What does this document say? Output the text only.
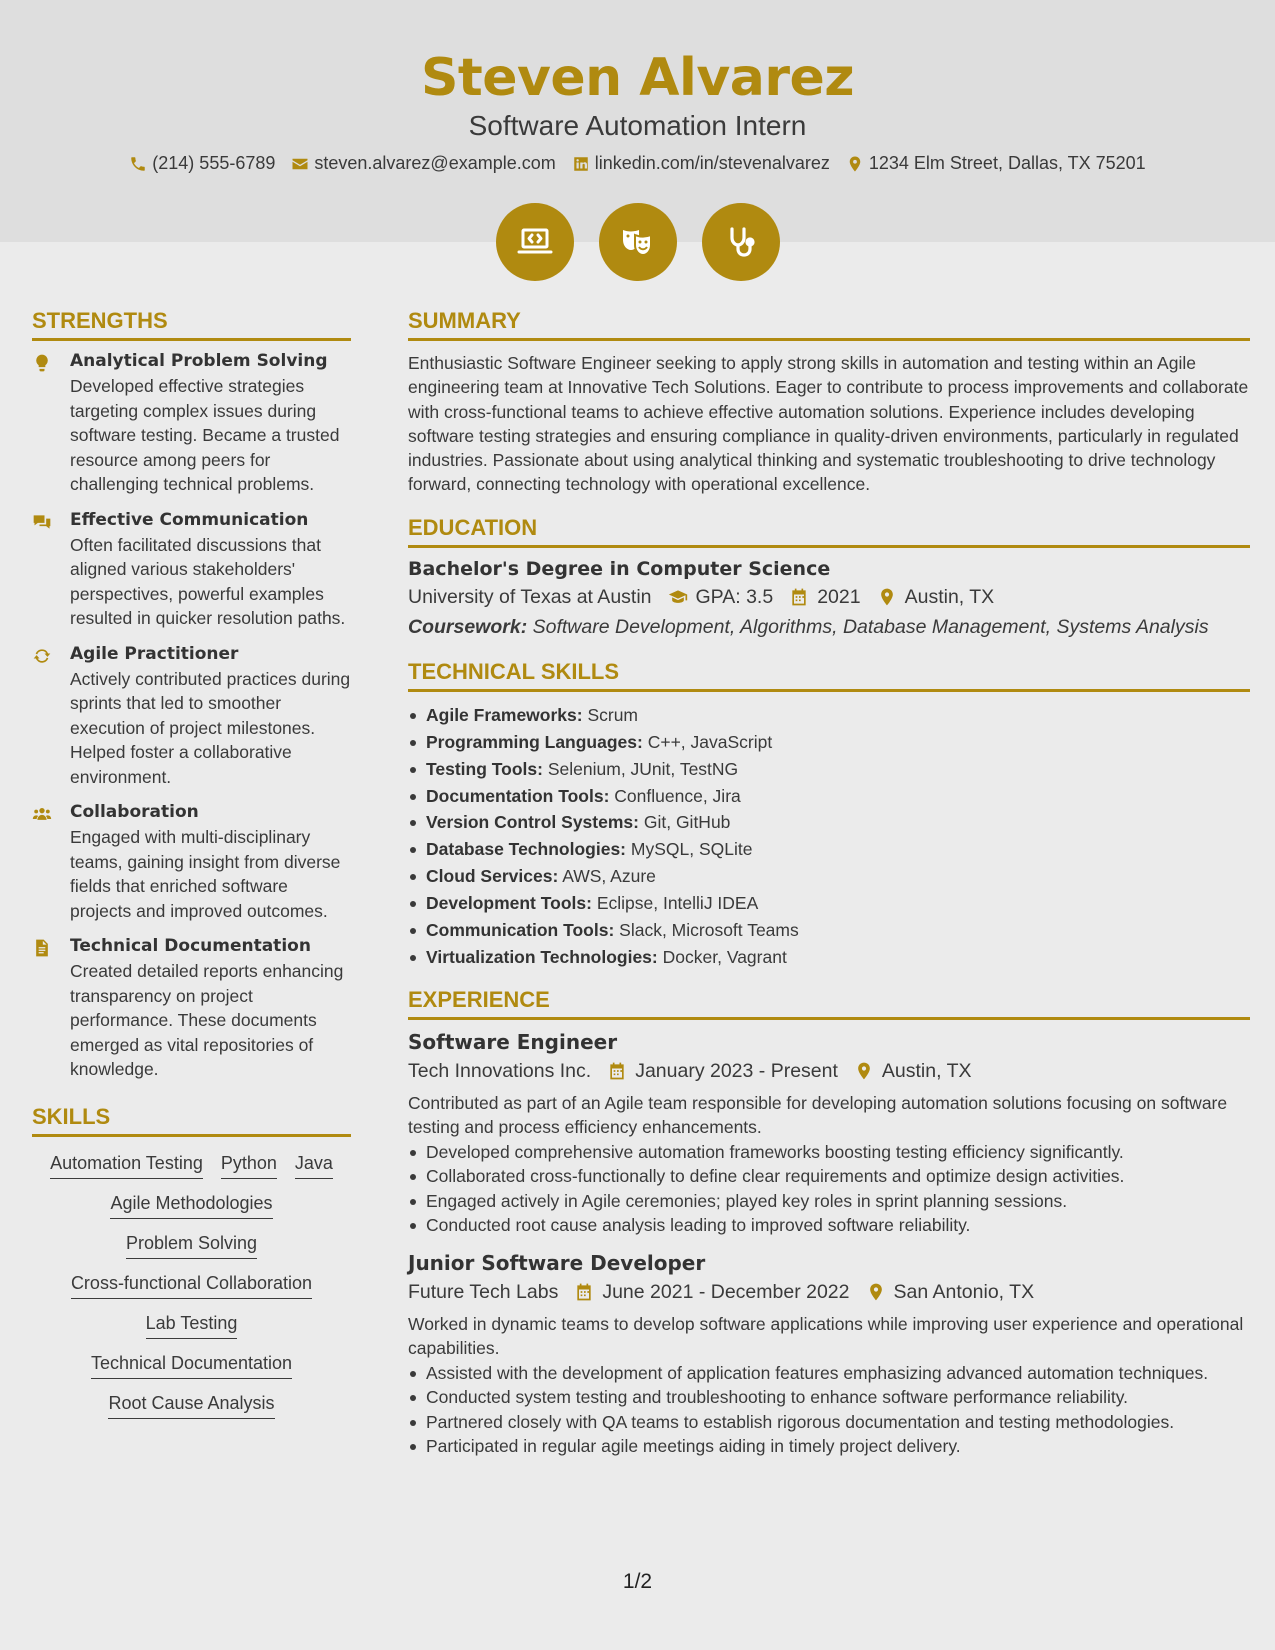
Steven Alvarez
Software Automation Intern
(214) 555-6789 steven.alvarez@example.com linkedin.com/in/stevenalvarez 1234 Elm Street, Dallas, TX 75201
STRENGTHS
Analytical Problem Solving
Developed effective strategies targeting complex issues during software testing. Became a trusted resource among peers for challenging technical problems.
Effective Communication
Often facilitated discussions that aligned various stakeholders' perspectives, powerful examples resulted in quicker resolution paths.
Agile Practitioner
Actively contributed practices during sprints that led to smoother execution of project milestones. Helped foster a collaborative environment.
Collaboration
Engaged with multi-disciplinary teams, gaining insight from diverse fields that enriched software projects and improved outcomes.
Technical Documentation
Created detailed reports enhancing transparency on project performance. These documents emerged as vital repositories of knowledge.
SKILLS
Automation Testing Python Java
Agile Methodologies
Problem Solving
Cross-functional Collaboration
Lab Testing
Technical Documentation
Root Cause Analysis
SUMMARY
Enthusiastic Software Engineer seeking to apply strong skills in automation and testing within an Agile engineering team at Innovative Tech Solutions. Eager to contribute to process improvements and collaborate with cross-functional teams to achieve effective automation solutions. Experience includes developing software testing strategies and ensuring compliance in quality-driven environments, particularly in regulated industries. Passionate about using analytical thinking and systematic troubleshooting to drive technology forward, connecting technology with operational excellence.
EDUCATION
Bachelor's Degree in Computer Science
University of Texas at Austin GPA: 3.5 2021 Austin, TX
Coursework: Software Development, Algorithms, Database Management, Systems Analysis
TECHNICAL SKILLS
Agile Frameworks: Scrum
Programming Languages: C++, JavaScript
Testing Tools: Selenium, JUnit, TestNG
Documentation Tools: Confluence, Jira
Version Control Systems: Git, GitHub
Database Technologies: MySQL, SQLite
Cloud Services: AWS, Azure
Development Tools: Eclipse, IntelliJ IDEA
Communication Tools: Slack, Microsoft Teams
Virtualization Technologies: Docker, Vagrant
EXPERIENCE
Software Engineer
Tech Innovations Inc. January 2023 - Present Austin, TX
Contributed as part of an Agile team responsible for developing automation solutions focusing on software testing and process efficiency enhancements.
Developed comprehensive automation frameworks boosting testing efficiency significantly.
Collaborated cross-functionally to define clear requirements and optimize design activities.
Engaged actively in Agile ceremonies; played key roles in sprint planning sessions.
Conducted root cause analysis leading to improved software reliability.
Junior Software Developer
Future Tech Labs June 2021 - December 2022 San Antonio, TX
Worked in dynamic teams to develop software applications while improving user experience and operational capabilities.
Assisted with the development of application features emphasizing advanced automation techniques.
Conducted system testing and troubleshooting to enhance software performance reliability.
Partnered closely with QA teams to establish rigorous documentation and testing methodologies.
Participated in regular agile meetings aiding in timely project delivery.
1/2
